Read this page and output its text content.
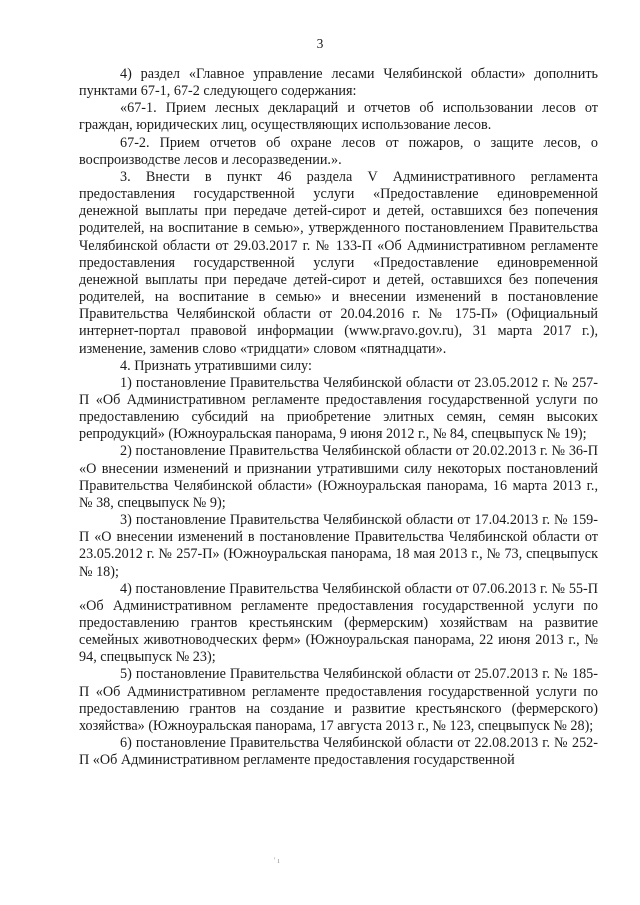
3

4) раздел «Главное управление лесами Челябинской области» дополнить пунктами 67-1, 67-2 следующего содержания:

«67-1. Прием лесных деклараций и отчетов об использовании лесов от граждан, юридических лиц, осуществляющих использование лесов.

67-2. Прием отчетов об охране лесов от пожаров, о защите лесов, о воспроизводстве лесов и лесоразведении.».

3. Внести в пункт 46 раздела V Административного регламента предоставления государственной услуги «Предоставление единовременной денежной выплаты при передаче детей-сирот и детей, оставшихся без попечения родителей, на воспитание в семью», утвержденного постановлением Правительства Челябинской области от 29.03.2017 г. № 133-П «Об Административном регламенте предоставления государственной услуги «Предоставление единовременной денежной выплаты при передаче детей-сирот и детей, оставшихся без попечения родителей, на воспитание в семью» и внесении изменений в постановление Правительства Челябинской области от 20.04.2016 г. № 175-П» (Официальный интернет-портал правовой информации (www.pravo.gov.ru), 31 марта 2017 г.), изменение, заменив слово «тридцати» словом «пятнадцати».

4. Признать утратившими силу:

1) постановление Правительства Челябинской области от 23.05.2012 г. № 257-П «Об Административном регламенте предоставления государственной услуги по предоставлению субсидий на приобретение элитных семян, семян высоких репродукций» (Южноуральская панорама, 9 июня 2012 г., № 84, спецвыпуск № 19);

2) постановление Правительства Челябинской области от 20.02.2013 г. № 36-П «О внесении изменений и признании утратившими силу некоторых постановлений Правительства Челябинской области» (Южноуральская панорама, 16 марта 2013 г., № 38, спецвыпуск № 9);

3) постановление Правительства Челябинской области от 17.04.2013 г. № 159-П «О внесении изменений в постановление Правительства Челябинской области от 23.05.2012 г. № 257-П» (Южноуральская панорама, 18 мая 2013 г., № 73, спецвыпуск № 18);

4) постановление Правительства Челябинской области от 07.06.2013 г. № 55-П «Об Административном регламенте предоставления государственной услуги по предоставлению грантов крестьянским (фермерским) хозяйствам на развитие семейных животноводческих ферм» (Южноуральская панорама, 22 июня 2013 г., № 94, спецвыпуск № 23);

5) постановление Правительства Челябинской области от 25.07.2013 г. № 185-П «Об Административном регламенте предоставления государственной услуги по предоставлению грантов на создание и развитие крестьянского (фермерского) хозяйства» (Южноуральская панорама, 17 августа 2013 г., № 123, спецвыпуск № 28);

6) постановление Правительства Челябинской области от 22.08.2013 г. № 252-П «Об Административном регламенте предоставления государственной

' ı
